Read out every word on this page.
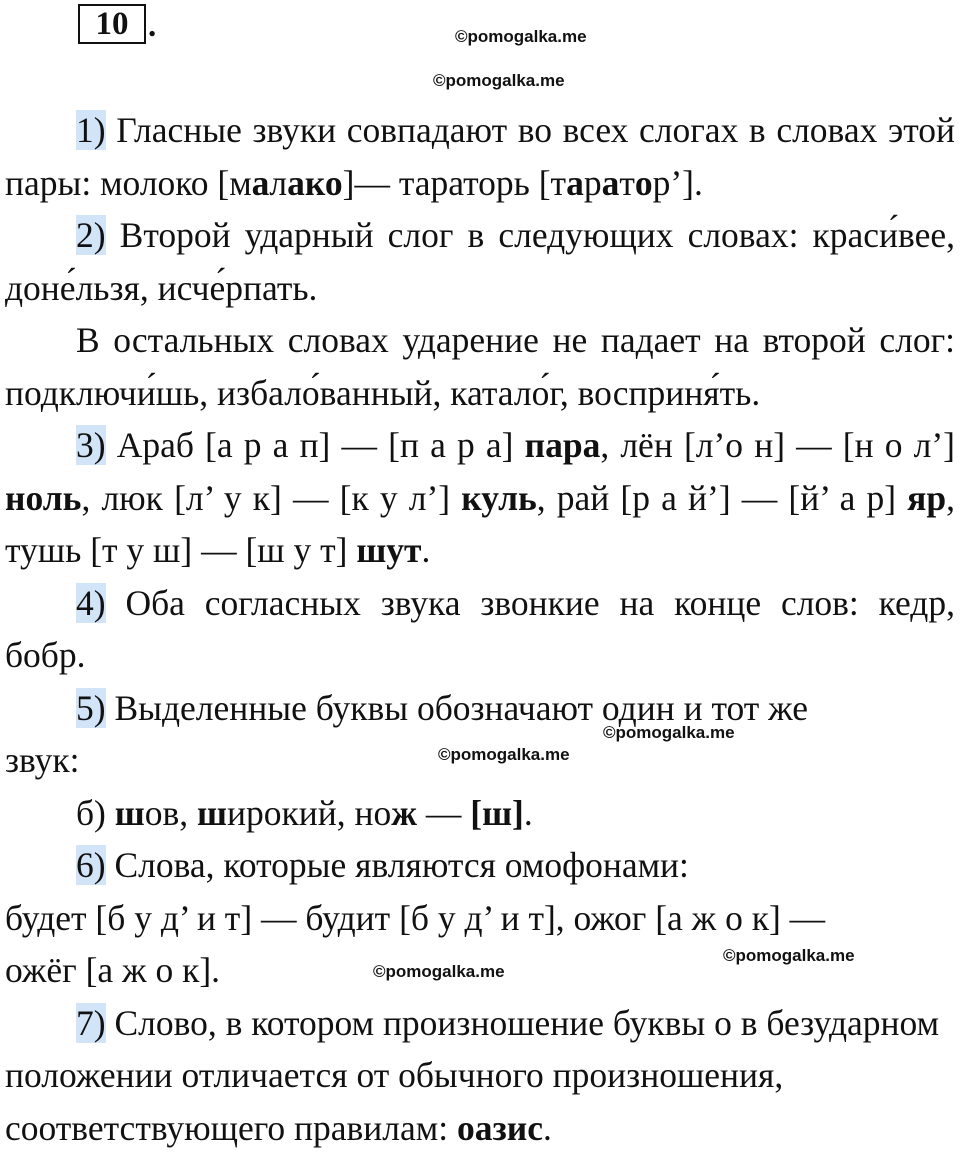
10 .	©pomogalka.me
©pomogalka.me
©pomogalka.me
©pomogalka.me
©pomogalka.me
©pomogalka.me

1) Гласные звуки совпадают во всех слогах в словах этой пары: молоко [малако]— тараторь [таратор’].

2) Второй ударный слог в следующих словах: краси́вее, доне́льзя, исче́рпать.

В остальных словах ударение не падает на второй слог: подключи́шь, избало́ванный, катало́г, восприня́ть.

3) Араб [а р а п] — [п а р а] пара, лён [л’о н] — [н о л’] ноль, люк [л’ у к] — [к у л’] куль, рай [р а й’] — [й’ а р] яр, тушь [т у ш] — [ш у т] шут.

4) Оба согласных звука звонкие на конце слов: кедр, бобр.

5) Выделенные буквы обозначают один и тот же

звук:

б) шов, широкий, нож — [ш].

6) Слова, которые являются омофонами:

будет [б у д’ и т] — будит [б у д’ и т], ожог [а ж о к] —

ожёг [а ж о к].

7) Слово, в котором произношение буквы о в безударном положении отличается от обычного произношения, соответствующего правилам: оазис.
